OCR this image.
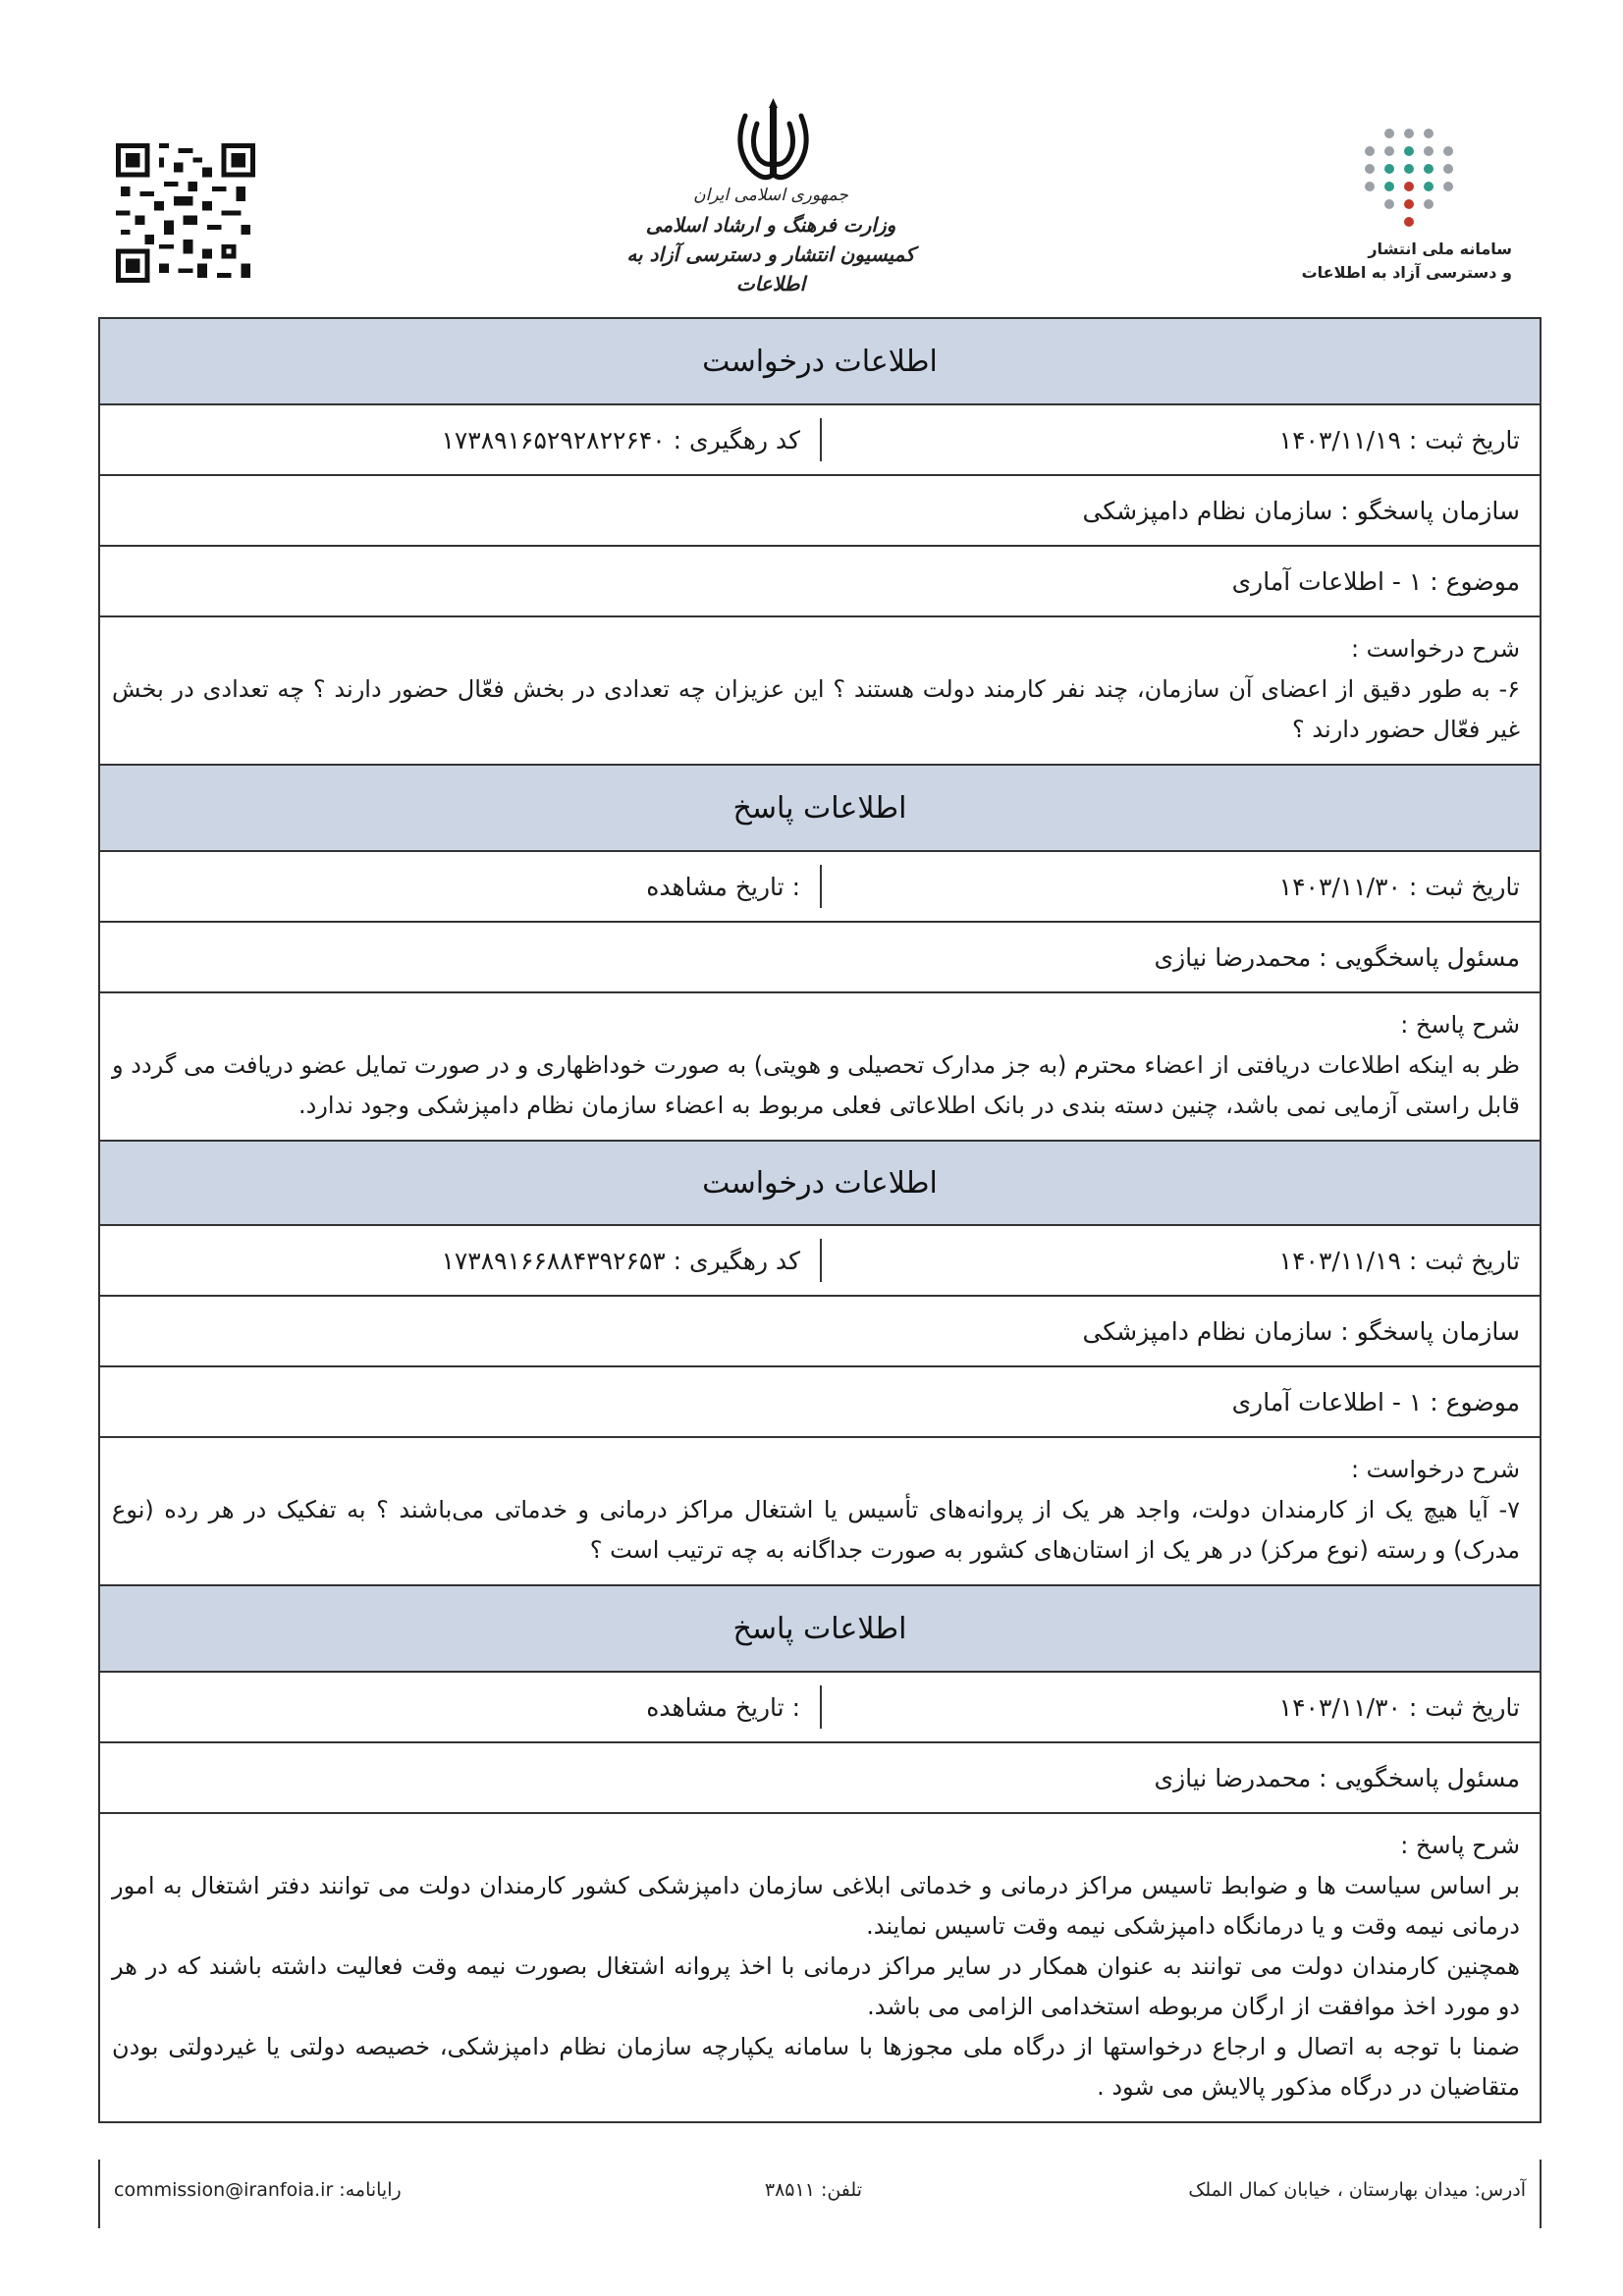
جمهوری اسلامی ایران
وزارت فرهنگ و ارشاد اسلامی
کمیسیون انتشار و دسترسی آزاد به اطلاعات
سامانه ملی انتشار
و دسترسی آزاد به اطلاعات
اطلاعات درخواست
تاریخ ثبت : ۱۴۰۳/۱۱/۱۹
کد رهگیری : ۱۷۳۸۹۱۶۵۲۹۲۸۲۲۶۴۰
سازمان پاسخگو : سازمان نظام دامپزشکی
موضوع : ۱ - اطلاعات آماری
شرح درخواست :
۶- به طور دقیق از اعضای آن سازمان، چند نفر کارمند دولت هستند ؟ این عزیزان چه تعدادی در بخش فعّال حضور دارند ؟ چه تعدادی در بخش غیر فعّال حضور دارند ؟
اطلاعات پاسخ
تاریخ ثبت : ۱۴۰۳/۱۱/۳۰
: تاریخ مشاهده
مسئول پاسخگویی : محمدرضا نیازی
شرح پاسخ :
ظر به اینکه اطلاعات دریافتی از اعضاء محترم (به جز مدارک تحصیلی و هویتی) به صورت خوداظهاری و در صورت تمایل عضو دریافت می گردد و قابل راستی آزمایی نمی باشد، چنین دسته بندی در بانک اطلاعاتی فعلی مربوط به اعضاء سازمان نظام دامپزشکی وجود ندارد.
اطلاعات درخواست
تاریخ ثبت : ۱۴۰۳/۱۱/۱۹
کد رهگیری : ۱۷۳۸۹۱۶۶۸۸۴۳۹۲۶۵۳
سازمان پاسخگو : سازمان نظام دامپزشکی
موضوع : ۱ - اطلاعات آماری
شرح درخواست :
۷- آیا هیچ یک از کارمندان دولت، واجد هر یک از پروانه‌های تأسیس یا اشتغال مراکز درمانی و خدماتی می‌باشند ؟ به تفکیک در هر رده (نوع مدرک) و رسته (نوع مرکز) در هر یک از استان‌های کشور به صورت جداگانه به چه ترتیب است ؟
اطلاعات پاسخ
تاریخ ثبت : ۱۴۰۳/۱۱/۳۰
: تاریخ مشاهده
مسئول پاسخگویی : محمدرضا نیازی
شرح پاسخ :
بر اساس سیاست ها و ضوابط تاسیس مراکز درمانی و خدماتی ابلاغی سازمان دامپزشکی کشور کارمندان دولت می توانند دفتر اشتغال به امور درمانی نیمه وقت و یا درمانگاه دامپزشکی نیمه وقت تاسیس نمایند.
همچنین کارمندان دولت می توانند به عنوان همکار در سایر مراکز درمانی با اخذ پروانه اشتغال بصورت نیمه وقت فعالیت داشته باشند که در هر دو مورد اخذ موافقت از ارگان مربوطه استخدامی الزامی می باشد.
ضمنا با توجه به اتصال و ارجاع درخواستها از درگاه ملی مجوزها با سامانه یکپارچه سازمان نظام دامپزشکی، خصیصه دولتی یا غیردولتی بودن متقاضیان در درگاه مذکور پالایش می شود .
آدرس: میدان بهارستان ، خیابان کمال الملک
تلفن: ۳۸۵۱۱
commission@iranfoia.ir :رایانامه
